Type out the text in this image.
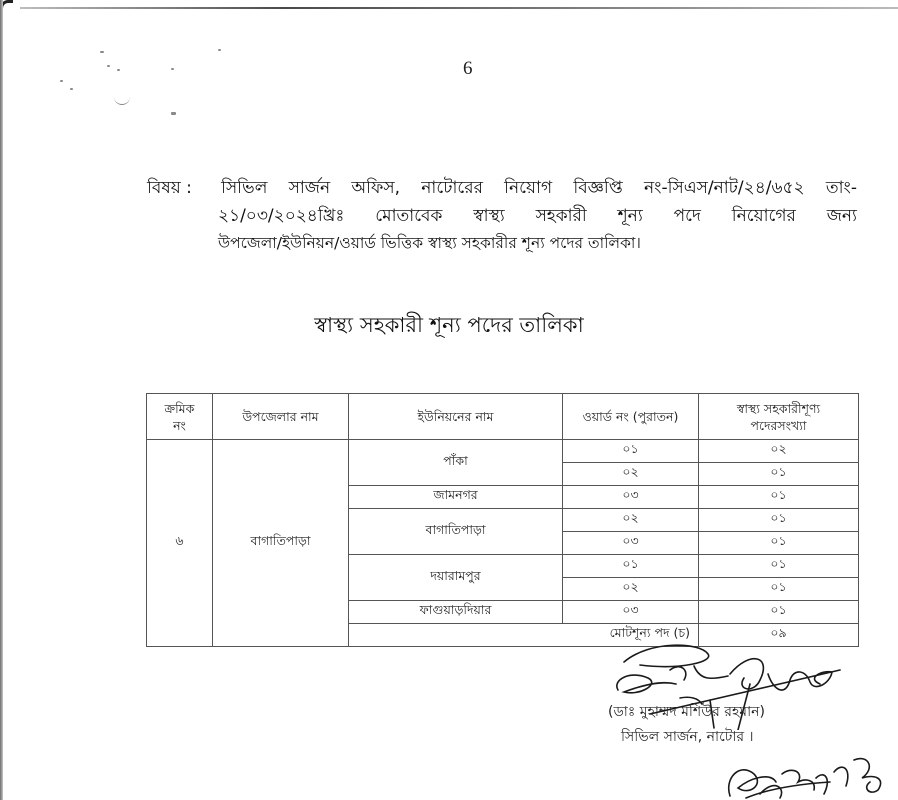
6
বিষয় : সিভিল সার্জন অফিস, নাটোরের নিয়োগ বিজ্ঞপ্তি নং-সিএস/নাট/২৪/৬৫২ তাং-
২১/০৩/২০২৪খ্রিঃ মোতাবেক স্বাস্থ্য সহকারী শূন্য পদে নিয়োগের জন্য
উপজেলা/ইউনিয়ন/ওয়ার্ড ভিত্তিক স্বাস্থ্য সহকারীর শূন্য পদের তালিকা।
স্বাস্থ্য সহকারী শূন্য পদের তালিকা
ক্রমিক
নং	উপজেলার নাম	ইউনিয়নের নাম	ওয়ার্ড নং (পুরাতন)	স্বাস্থ্য সহকারীশূণ্য
পদেরসংখ্যা
৬	বাগাতিপাড়া	পাঁকা	০১	০২
			০২	০১
		জামনগর	০৩	০১
		বাগাতিপাড়া	০২	০১
			০৩	০১
		দয়ারামপুর	০১	০১
			০২	০১
		ফাগুয়াড়দিয়ার	০৩	০১
		মোটশূন্য পদ (চ)		০৯
(ডাঃ মুহাম্মদ মশিউর রহমান)
সিভিল সার্জন, নাটোর ।
